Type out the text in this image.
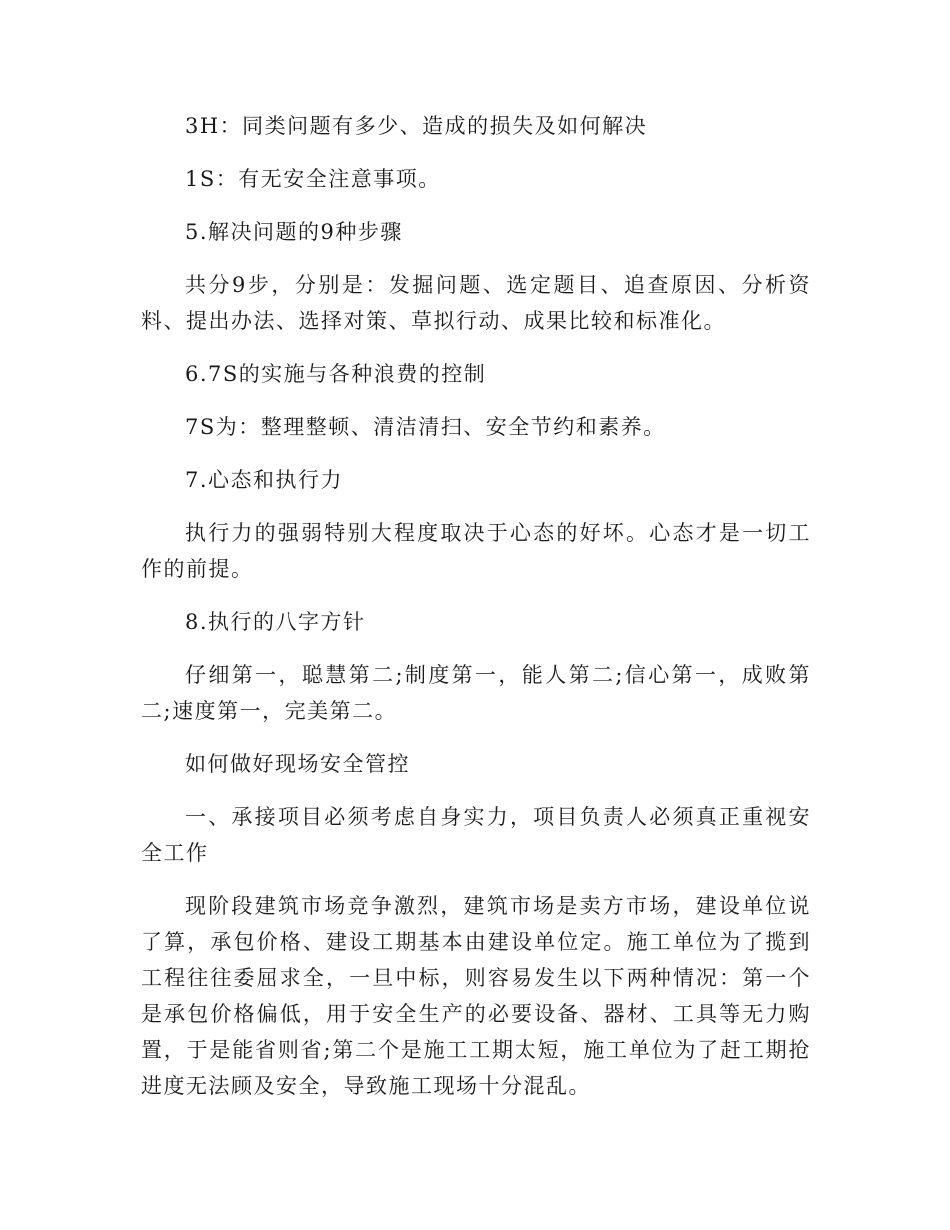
3H：同类问题有多少、造成的损失及如何解决

1S：有无安全注意事项。

5.解决问题的9种步骤

共分9步，分别是：发掘问题、选定题目、追查原因、分析资料、提出办法、选择对策、草拟行动、成果比较和标准化。

6.7S的实施与各种浪费的控制

7S为：整理整顿、清洁清扫、安全节约和素养。

7.心态和执行力

执行力的强弱特别大程度取决于心态的好坏。心态才是一切工作的前提。

8.执行的八字方针

仔细第一，聪慧第二;制度第一，能人第二;信心第一，成败第二;速度第一，完美第二。

如何做好现场安全管控

一、承接项目必须考虑自身实力，项目负责人必须真正重视安全工作

现阶段建筑市场竞争激烈，建筑市场是卖方市场，建设单位说了算，承包价格、建设工期基本由建设单位定。施工单位为了揽到工程往往委屈求全，一旦中标，则容易发生以下两种情况：第一个是承包价格偏低，用于安全生产的必要设备、器材、工具等无力购置，于是能省则省;第二个是施工工期太短，施工单位为了赶工期抢进度无法顾及安全，导致施工现场十分混乱。
